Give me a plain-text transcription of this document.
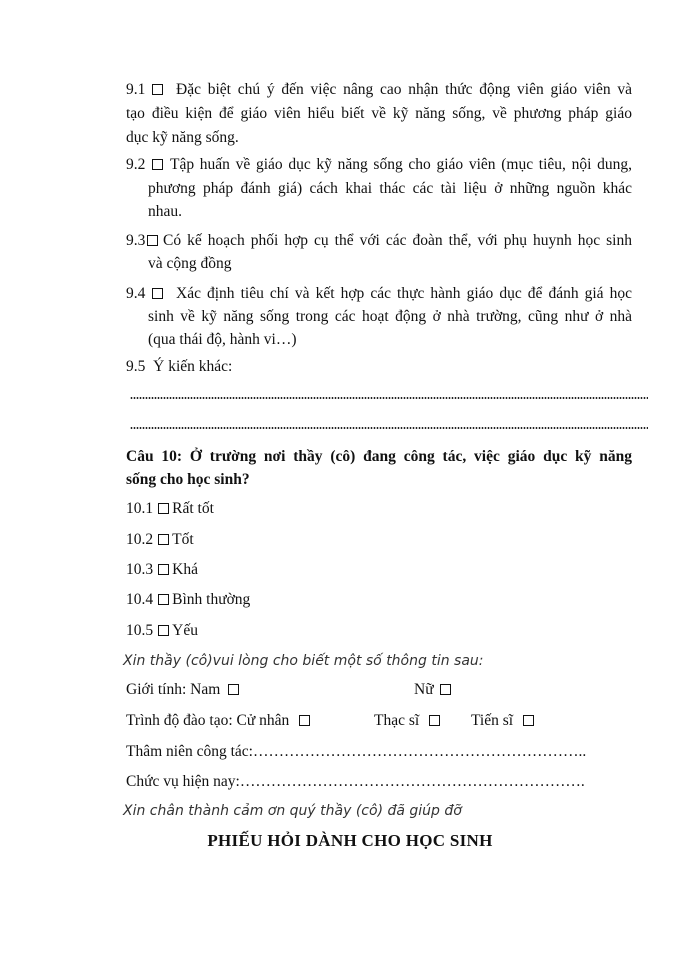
9.1	Đặc biệt chú ý đến việc nâng cao nhận thức động viên giáo viên và
tạo điều kiện để giáo viên hiểu biết về kỹ năng sống, về phương pháp giáo
dục kỹ năng sống.
9.2	Tập huấn về giáo dục kỹ năng sống cho giáo viên (mục tiêu, nội dung,
phương pháp đánh giá) cách khai thác các tài liệu ở những nguồn khác
nhau.
9.3	Có kế hoạch phối hợp cụ thể với các đoàn thể, với phụ huynh học sinh
và cộng đồng
9.4	Xác định tiêu chí và kết hợp các thực hành giáo dục để đánh giá học
sinh về kỹ năng sống trong các hoạt động ở nhà trường, cũng như ở nhà
(qua thái độ, hành vi…)
9.5 Ý kiến khác:
Câu 10: Ở trường nơi thầy (cô) đang công tác, việc giáo dục kỹ năng
sống cho học sinh?
10.1 Rất tốt
10.2 Tốt
10.3 Khá
10.4 Bình thường
10.5 Yếu
Xin thầy (cô)vui lòng cho biết một số thông tin sau:
Giới tính: Nam	Nữ
Trình độ đào tạo: Cử nhân	Thạc sĩ	Tiến sĩ
Thâm niên công tác:………………………………………………………..
Chức vụ hiện nay:………………………………………………………….
Xin chân thành cảm ơn quý thầy (cô) đã giúp đỡ
PHIẾU HỎI DÀNH CHO HỌC SINH
